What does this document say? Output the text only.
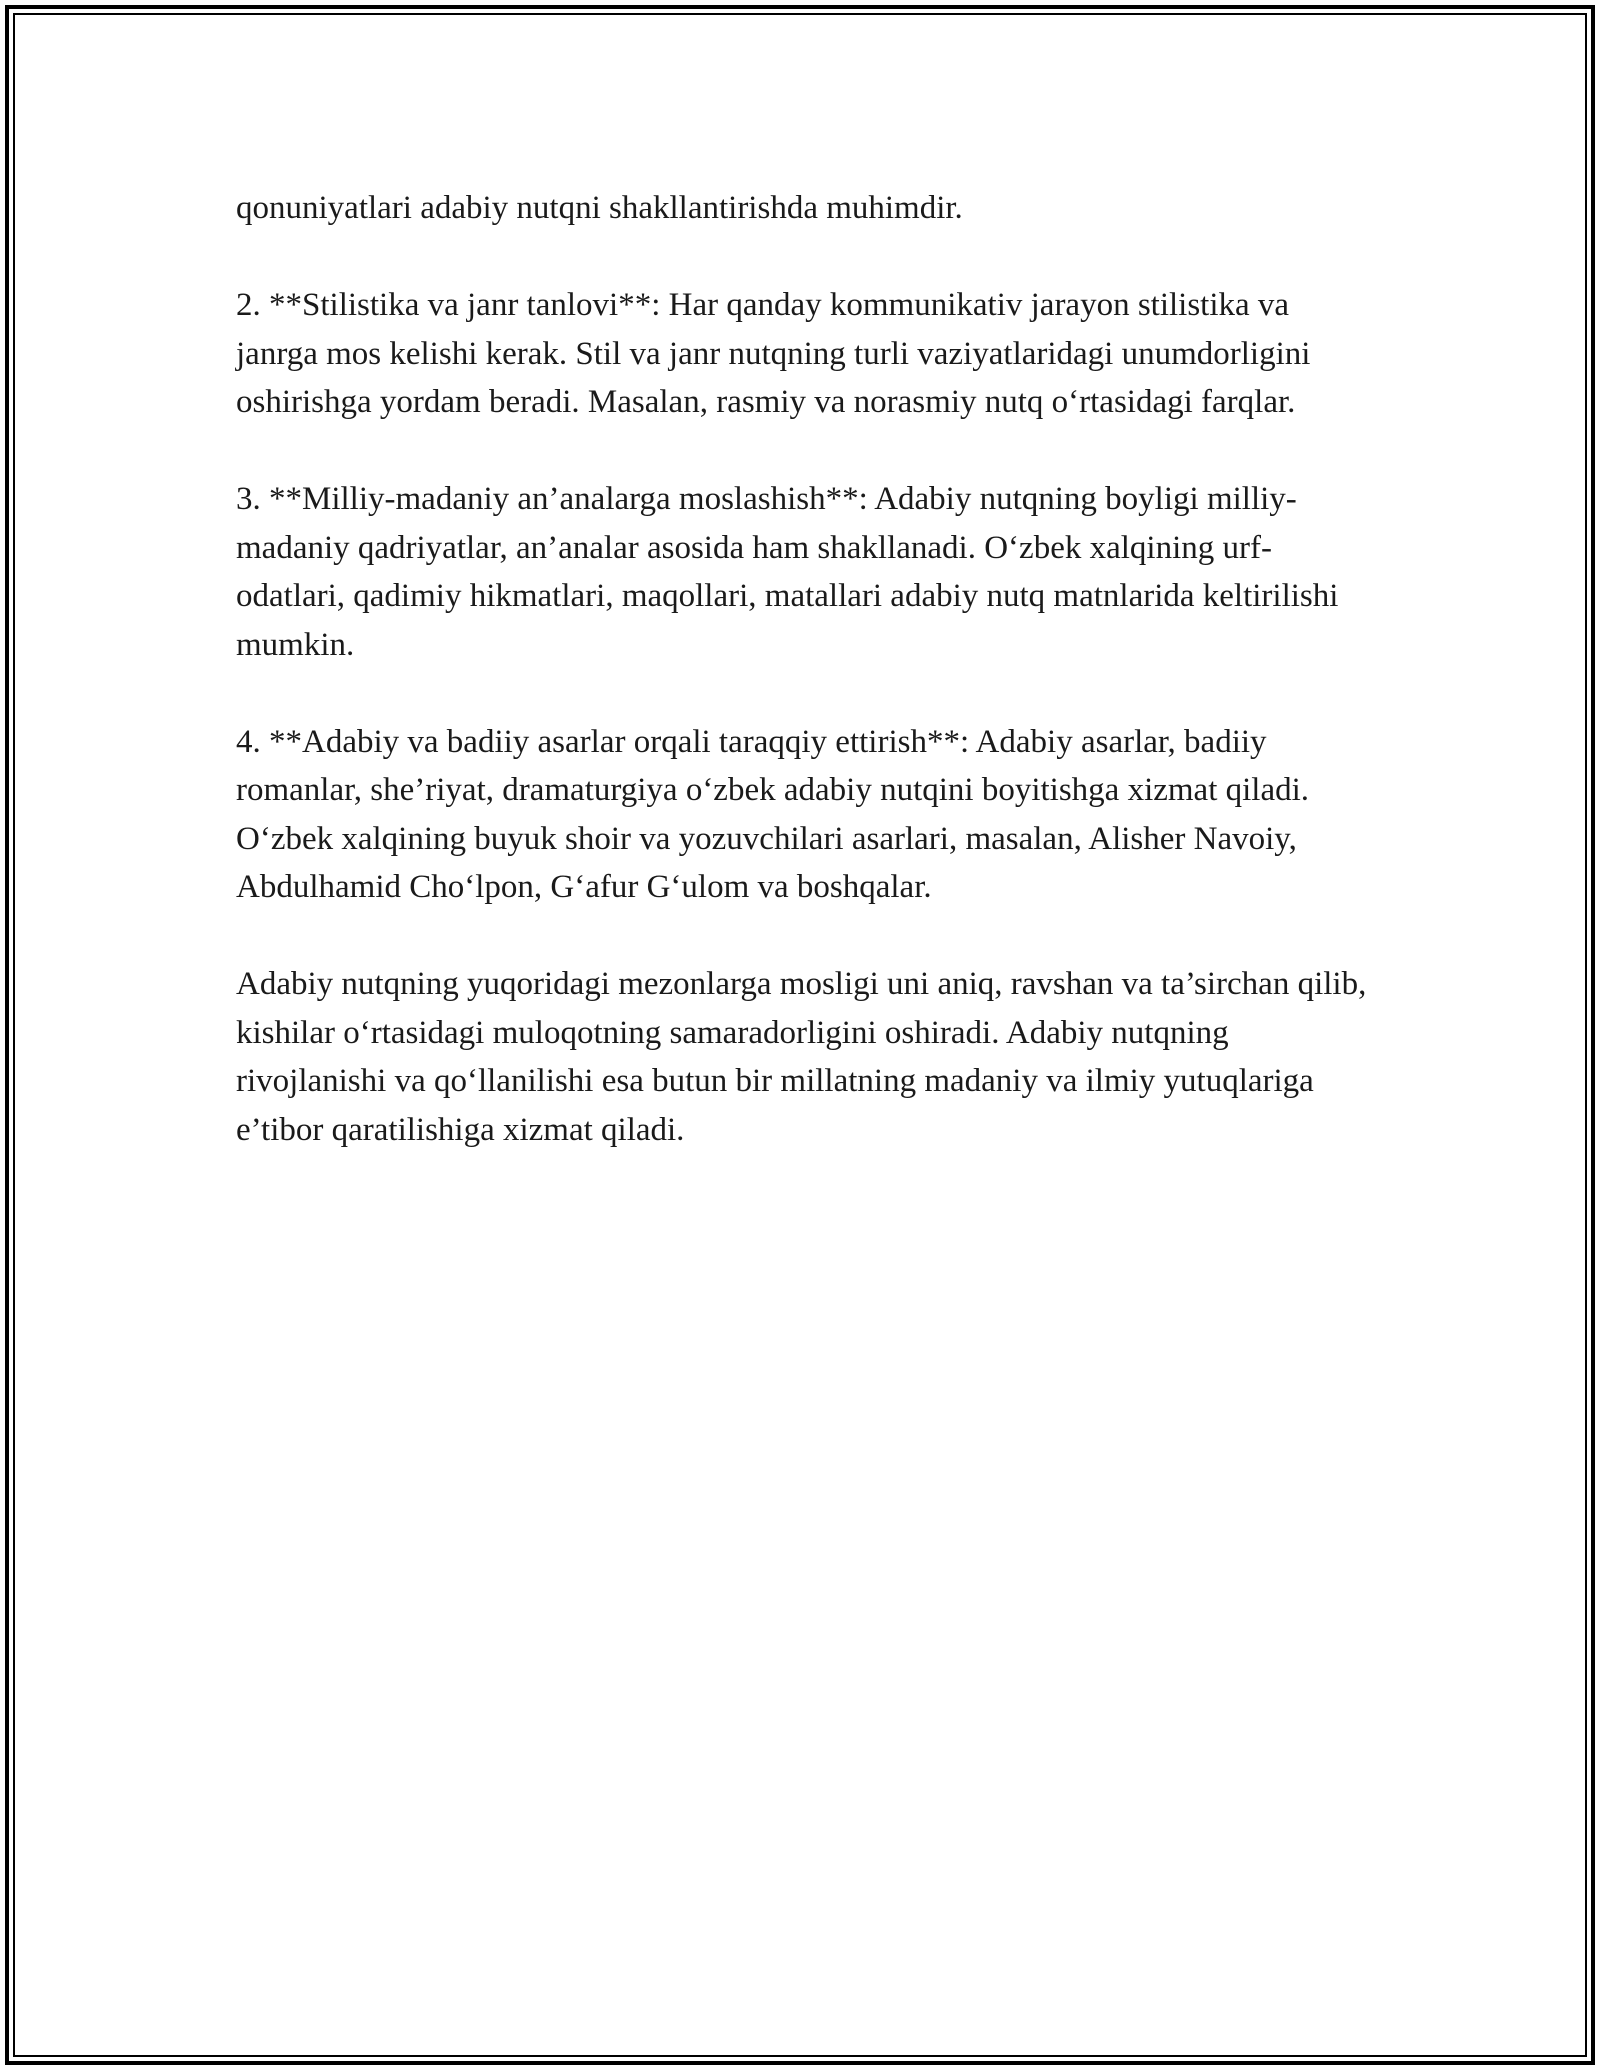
qonuniyatlari adabiy nutqni shakllantirishda muhimdir.

2. **Stilistika va janr tanlovi**: Har qanday kommunikativ jarayon stilistika va janrga mos kelishi kerak. Stil va janr nutqning turli vaziyatlaridagi unumdorligini oshirishga yordam beradi. Masalan, rasmiy va norasmiy nutq o‘rtasidagi farqlar.

3. **Milliy-madaniy an’analarga moslashish**: Adabiy nutqning boyligi milliy-madaniy qadriyatlar, an’analar asosida ham shakllanadi. O‘zbek xalqining urf-odatlari, qadimiy hikmatlari, maqollari, matallari adabiy nutq matnlarida keltirilishi mumkin.

4. **Adabiy va badiiy asarlar orqali taraqqiy ettirish**: Adabiy asarlar, badiiy romanlar, she’riyat, dramaturgiya o‘zbek adabiy nutqini boyitishga xizmat qiladi. O‘zbek xalqining buyuk shoir va yozuvchilari asarlari, masalan, Alisher Navoiy, Abdulhamid Cho‘lpon, G‘afur G‘ulom va boshqalar.

Adabiy nutqning yuqoridagi mezonlarga mosligi uni aniq, ravshan va ta’sirchan qilib, kishilar o‘rtasidagi muloqotning samaradorligini oshiradi. Adabiy nutqning rivojlanishi va qo‘llanilishi esa butun bir millatning madaniy va ilmiy yutuqlariga e’tibor qaratilishiga xizmat qiladi.
